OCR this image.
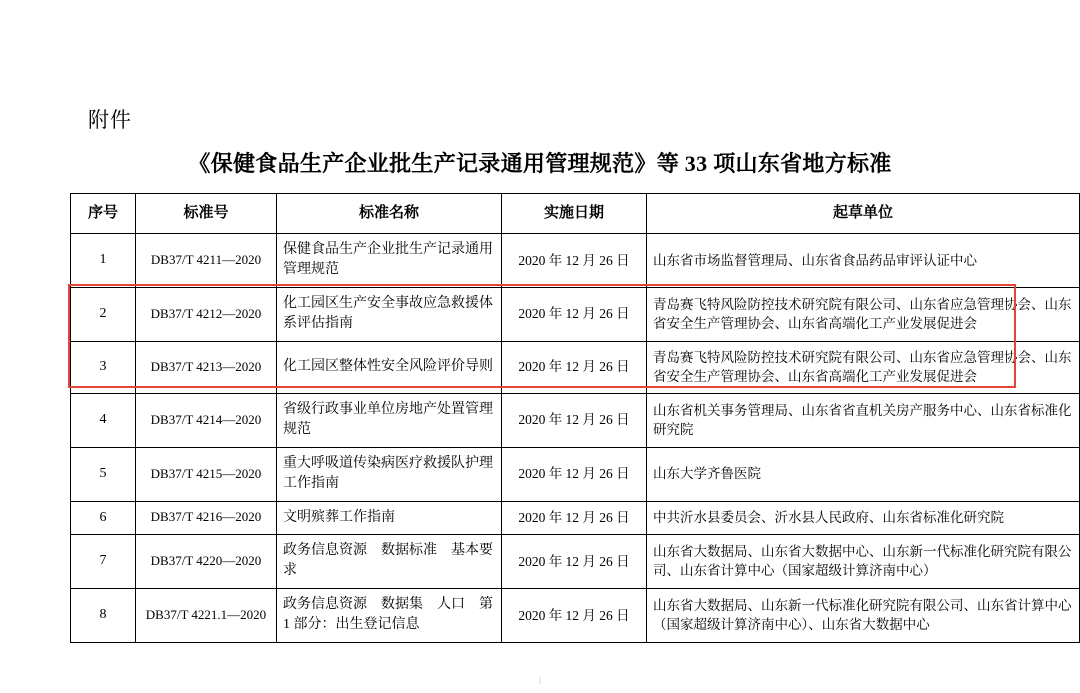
附件
《保健食品生产企业批生产记录通用管理规范》等 33 项山东省地方标准
序号	标准号	标准名称	实施日期	起草单位
1	DB37/T 4211—2020	保健食品生产企业批生产记录通用管理规范	2020 年 12 月 26 日	山东省市场监督管理局、山东省食品药品审评认证中心
2	DB37/T 4212—2020	化工园区生产安全事故应急救援体系评估指南	2020 年 12 月 26 日	青岛赛飞特风险防控技术研究院有限公司、山东省应急管理协会、山东省安全生产管理协会、山东省高端化工产业发展促进会
3	DB37/T 4213—2020	化工园区整体性安全风险评价导则	2020 年 12 月 26 日	青岛赛飞特风险防控技术研究院有限公司、山东省应急管理协会、山东省安全生产管理协会、山东省高端化工产业发展促进会
4	DB37/T 4214—2020	省级行政事业单位房地产处置管理规范	2020 年 12 月 26 日	山东省机关事务管理局、山东省省直机关房产服务中心、山东省标准化研究院
5	DB37/T 4215—2020	重大呼吸道传染病医疗救援队护理工作指南	2020 年 12 月 26 日	山东大学齐鲁医院
6	DB37/T 4216—2020	文明殡葬工作指南	2020 年 12 月 26 日	中共沂水县委员会、沂水县人民政府、山东省标准化研究院
7	DB37/T 4220—2020	政务信息资源　数据标准　基本要求	2020 年 12 月 26 日	山东省大数据局、山东省大数据中心、山东新一代标准化研究院有限公司、山东省计算中心（国家超级计算济南中心）
8	DB37/T 4221.1—2020	政务信息资源　数据集　人口　第 1 部分：出生登记信息	2020 年 12 月 26 日	山东省大数据局、山东新一代标准化研究院有限公司、山东省计算中心（国家超级计算济南中心）、山东省大数据中心
1
